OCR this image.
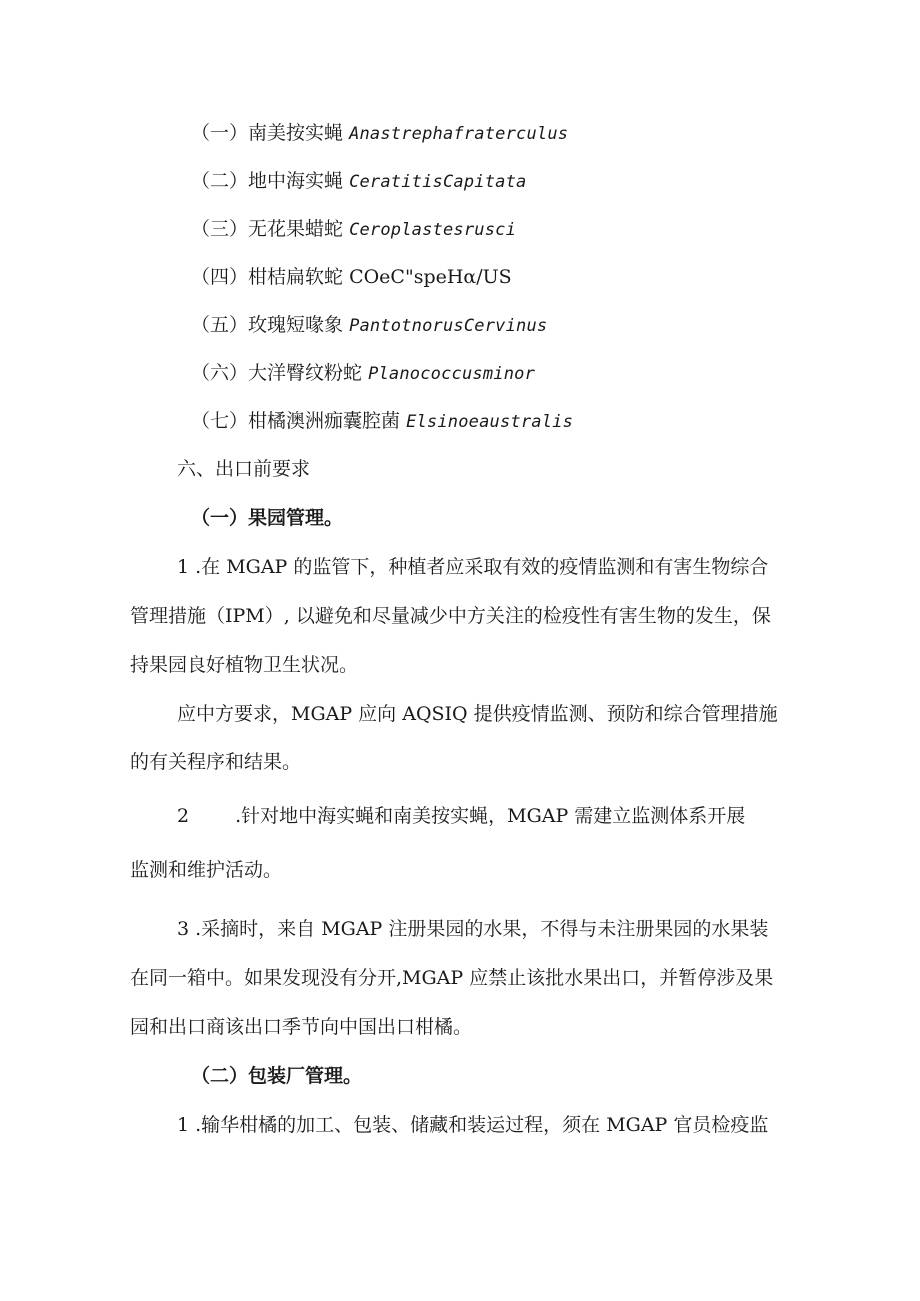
（一）南美按实蝇 Anastrephafraterculus
（二）地中海实蝇 CeratitisCapitata
（三）无花果蜡蛇 Ceroplastesrusci
（四）柑桔扁软蛇 COeC"speHα∕US
（五）玫瑰短喙象 PantotnorusCervinus
（六）大洋臀纹粉蛇 Planococcusminor
（七）柑橘澳洲痂囊腔菌 Elsinoeaustralis
六、出口前要求
（一）果园管理。
1 .在 MGAP 的监管下，种植者应采取有效的疫情监测和有害生物综合
管理措施（IPM）, 以避免和尽量减少中方关注的检疫性有害生物的发生，保
持果园良好植物卫生状况。
应中方要求，MGAP 应向 AQSIQ 提供疫情监测、预防和综合管理措施
的有关程序和结果。
2 .针对地中海实蝇和南美按实蝇，MGAP 需建立监测体系开展
监测和维护活动。
3 .采摘时，来自 MGAP 注册果园的水果，不得与未注册果园的水果装
在同一箱中。如果发现没有分开,MGAP 应禁止该批水果出口，并暂停涉及果
园和出口商该出口季节向中国出口柑橘。
（二）包装厂管理。
1 .输华柑橘的加工、包装、储藏和装运过程，须在 MGAP 官员检疫监
